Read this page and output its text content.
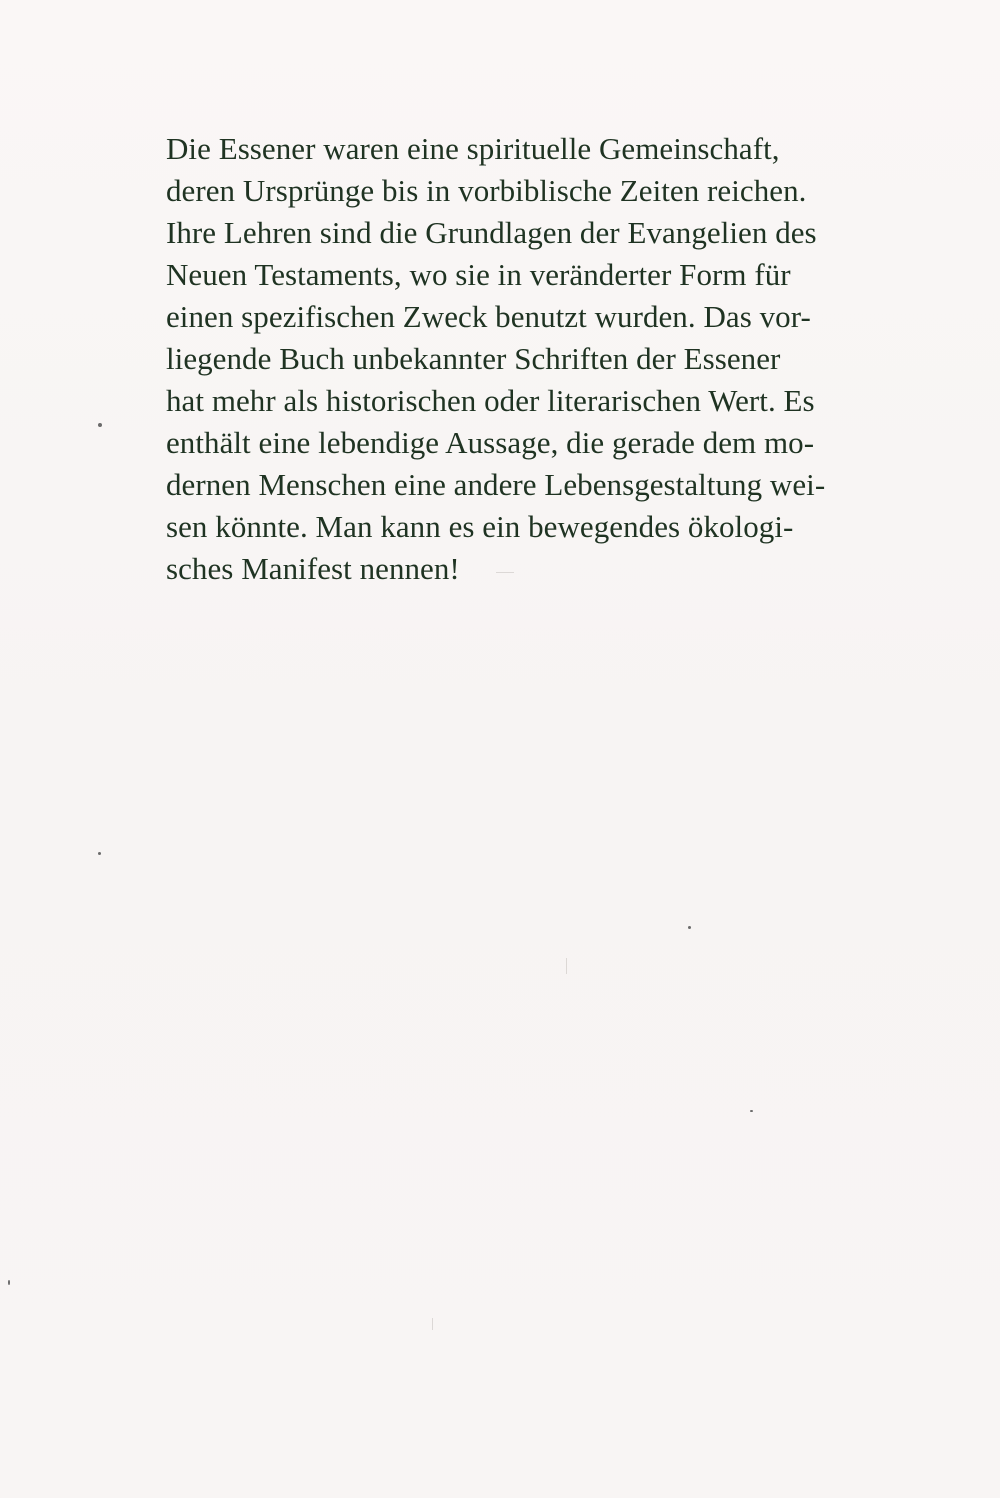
Die Essener waren eine spirituelle Gemeinschaft,
deren Ursprünge bis in vorbiblische Zeiten reichen.
Ihre Lehren sind die Grundlagen der Evangelien des
Neuen Testaments, wo sie in veränderter Form für
einen spezifischen Zweck benutzt wurden. Das vor-
liegende Buch unbekannter Schriften der Essener
hat mehr als historischen oder literarischen Wert. Es
enthält eine lebendige Aussage, die gerade dem mo-
dernen Menschen eine andere Lebensgestaltung wei-
sen könnte. Man kann es ein bewegendes ökologi-
sches Manifest nennen!
